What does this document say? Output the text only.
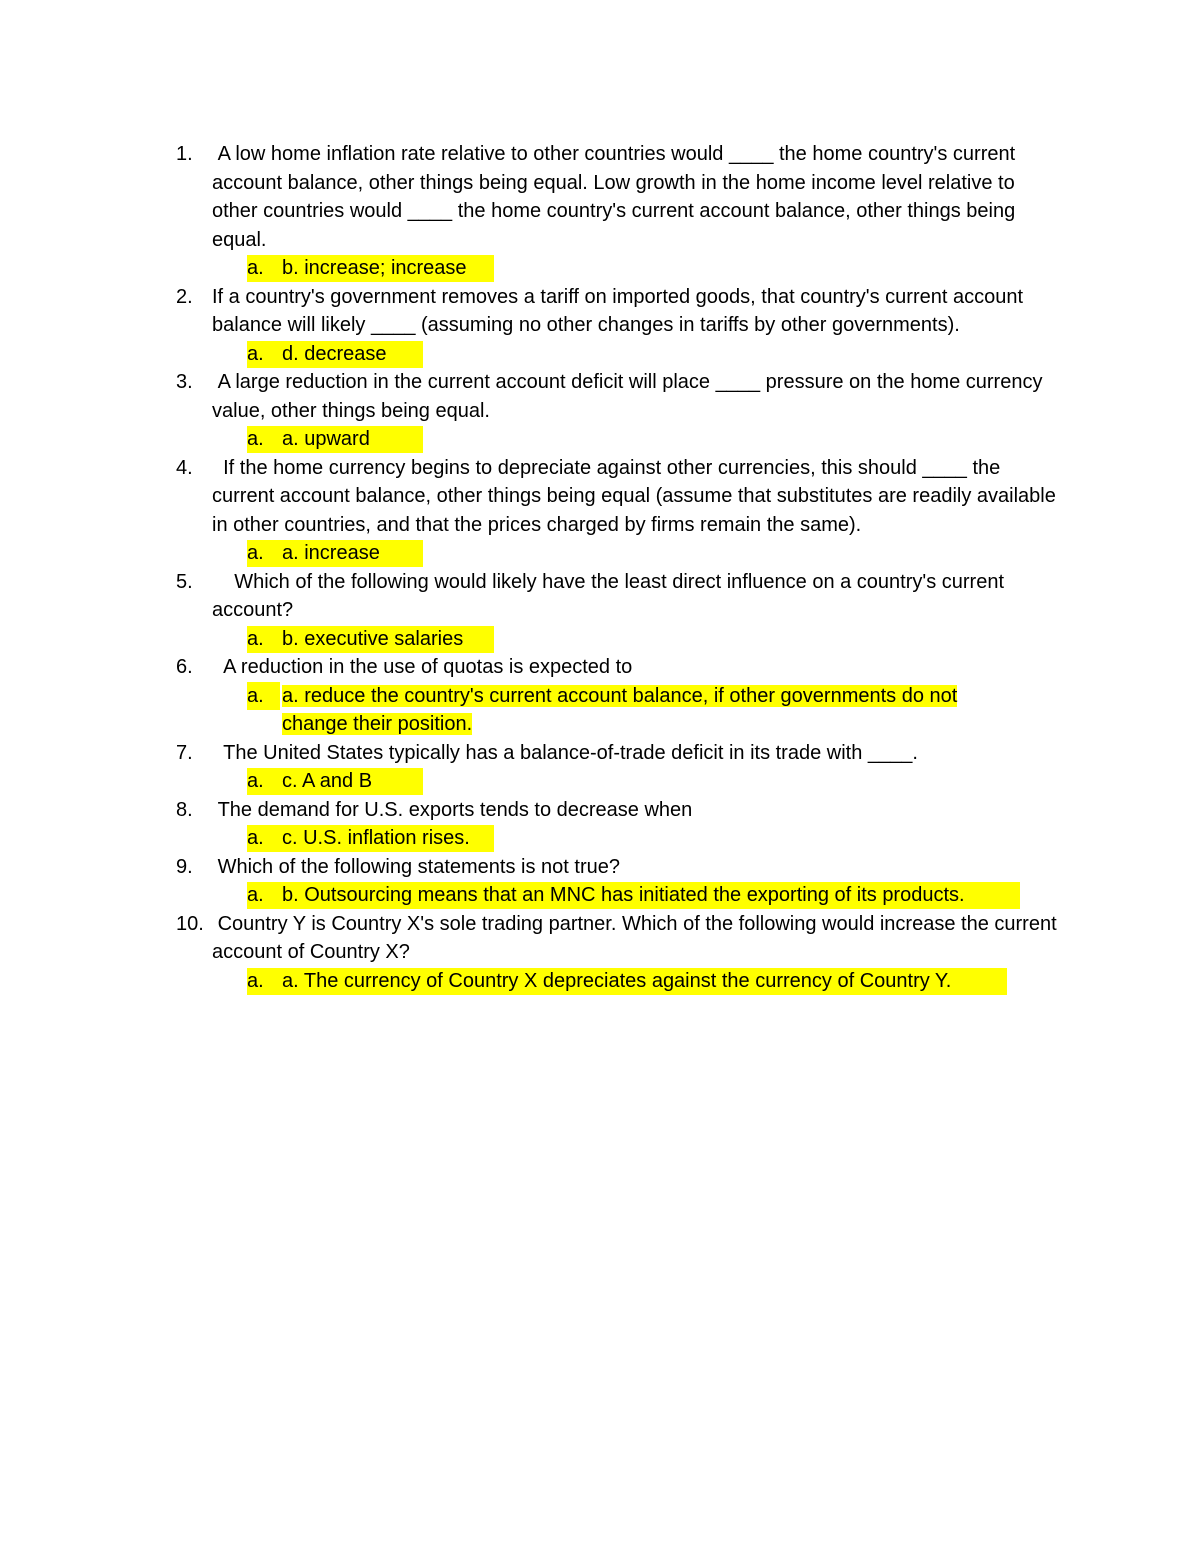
1. A low home inflation rate relative to other countries would ____ the home country's current account balance, other things being equal. Low growth in the home income level relative to other countries would ____ the home country's current account balance, other things being equal.

a. b. increase; increase

2. If a country's government removes a tariff on imported goods, that country's current account balance will likely ____ (assuming no other changes in tariffs by other governments).

a. d. decrease

3. A large reduction in the current account deficit will place ____ pressure on the home currency value, other things being equal.

a. a. upward

4. If the home currency begins to depreciate against other currencies, this should ____ the current account balance, other things being equal (assume that substitutes are readily available in other countries, and that the prices charged by firms remain the same).

a. a. increase

5. Which of the following would likely have the least direct influence on a country's current account?

a. b. executive salaries

6. A reduction in the use of quotas is expected to

a. a. reduce the country's current account balance, if other governments do not change their position.

7. The United States typically has a balance-of-trade deficit in its trade with ____.

a. c. A and B

8. The demand for U.S. exports tends to decrease when

a. c. U.S. inflation rises.

9. Which of the following statements is not true?

a. b. Outsourcing means that an MNC has initiated the exporting of its products.

10. Country Y is Country X's sole trading partner. Which of the following would increase the current account of Country X?

a. a. The currency of Country X depreciates against the currency of Country Y.
